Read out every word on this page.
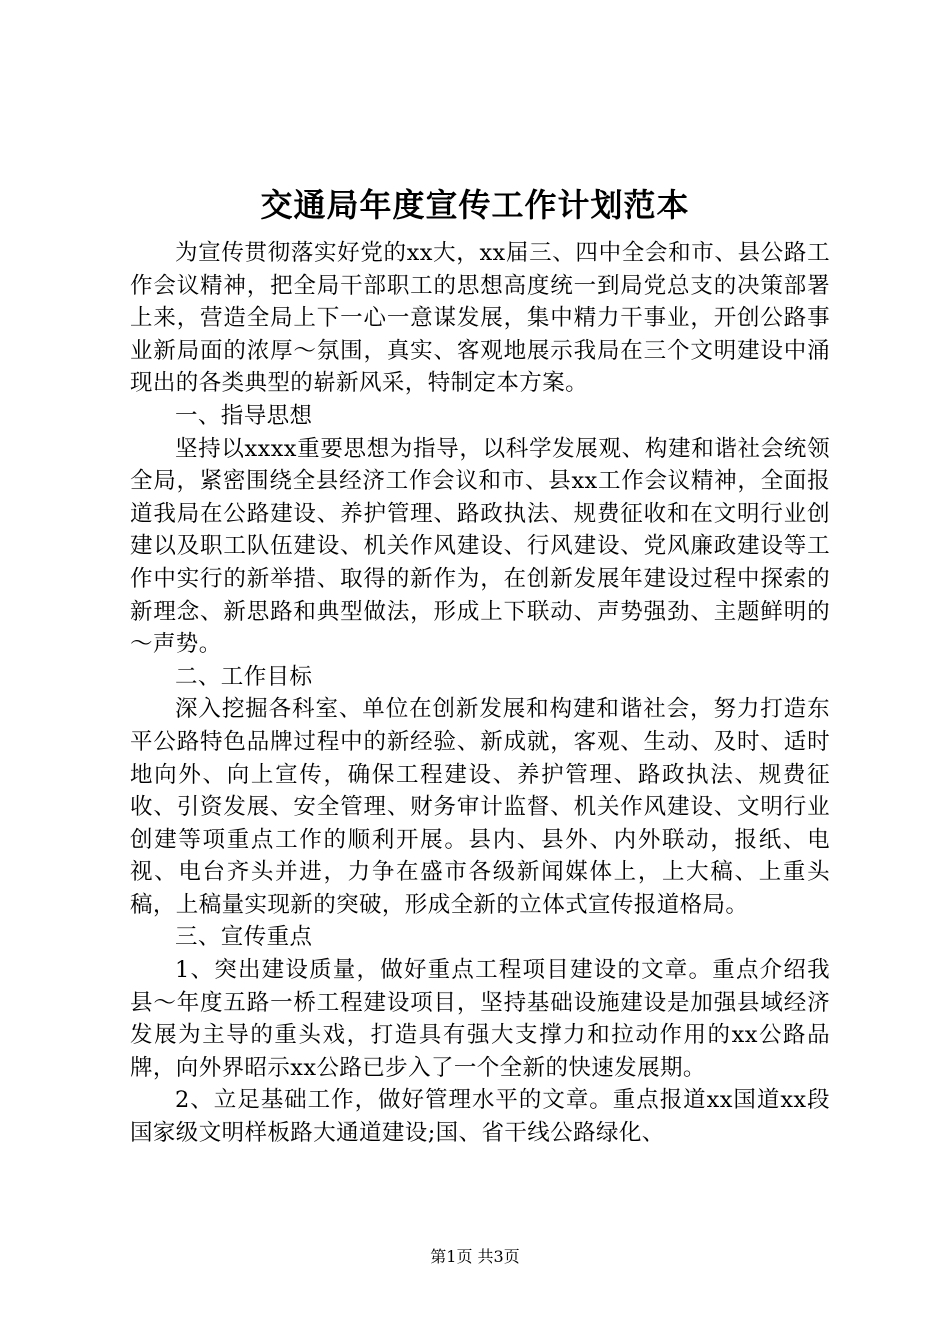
交通局年度宣传工作计划范本

为宣传贯彻落实好党的xx大，xx届三、四中全会和市、县公路工作会议精神，把全局干部职工的思想高度统一到局党总支的决策部署上来，营造全局上下一心一意谋发展，集中精力干事业，开创公路事业新局面的浓厚～氛围，真实、客观地展示我局在三个文明建设中涌现出的各类典型的崭新风采，特制定本方案。

一、指导思想

坚持以xxxx重要思想为指导，以科学发展观、构建和谐社会统领全局，紧密围绕全县经济工作会议和市、县xx工作会议精神，全面报道我局在公路建设、养护管理、路政执法、规费征收和在文明行业创建以及职工队伍建设、机关作风建设、行风建设、党风廉政建设等工作中实行的新举措、取得的新作为，在创新发展年建设过程中探索的新理念、新思路和典型做法，形成上下联动、声势强劲、主题鲜明的～声势。

二、工作目标

深入挖掘各科室、单位在创新发展和构建和谐社会，努力打造东平公路特色品牌过程中的新经验、新成就，客观、生动、及时、适时地向外、向上宣传，确保工程建设、养护管理、路政执法、规费征收、引资发展、安全管理、财务审计监督、机关作风建设、文明行业创建等项重点工作的顺利开展。县内、县外、内外联动，报纸、电视、电台齐头并进，力争在盛市各级新闻媒体上，上大稿、上重头稿，上稿量实现新的突破，形成全新的立体式宣传报道格局。

三、宣传重点

1、突出建设质量，做好重点工程项目建设的文章。重点介绍我县～年度五路一桥工程建设项目，坚持基础设施建设是加强县域经济发展为主导的重头戏，打造具有强大支撑力和拉动作用的xx公路品牌，向外界昭示xx公路已步入了一个全新的快速发展期。

2、立足基础工作，做好管理水平的文章。重点报道xx国道xx段国家级文明样板路大通道建设;国、省干线公路绿化、

第1页 共3页
